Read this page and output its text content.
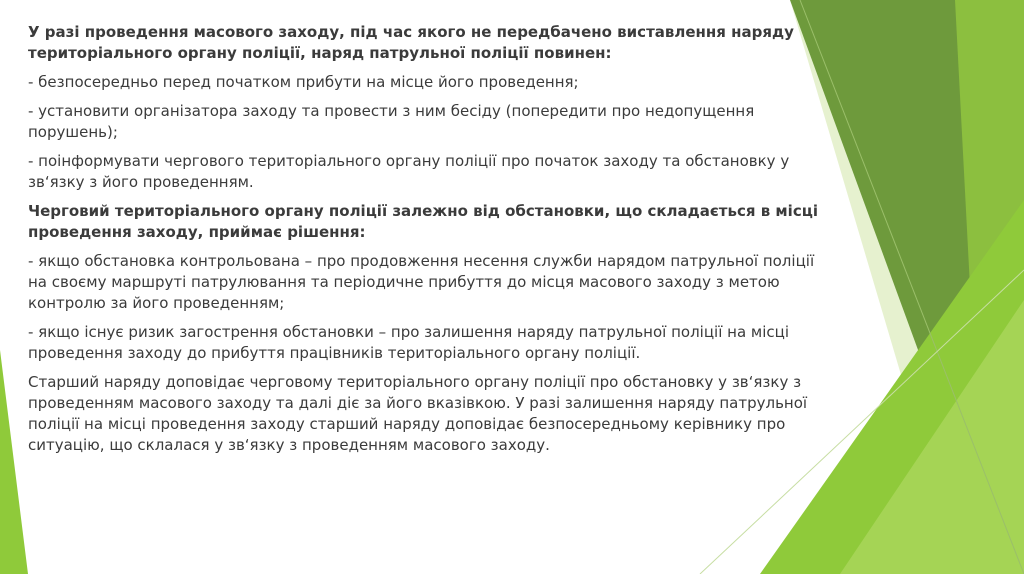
У разі проведення масового заходу, під час якого не передбачено виставлення наряду територіального органу поліції, наряд патрульної поліції повинен:

- безпосередньо перед початком прибути на місце його проведення;

- установити організатора заходу та провести з ним бесіду (попередити про недопущення порушень);

- поінформувати чергового територіального органу поліції про початок заходу та обстановку у зв‘язку з його проведенням.

Черговий територіального органу поліції залежно від обстановки, що складається в місці проведення заходу, приймає рішення:

- якщо обстановка контрольована – про продовження несення служби нарядом патрульної поліції на своєму маршруті патрулювання та періодичне прибуття до місця масового заходу з метою контролю за його проведенням;

- якщо існує ризик загострення обстановки – про залишення наряду патрульної поліції на місці проведення заходу до прибуття працівників територіального органу поліції.

Старший наряду доповідає черговому територіального органу поліції про обстановку у зв‘язку з проведенням масового заходу та далі діє за його вказівкою. У разі залишення наряду патрульної поліції на місці проведення заходу старший наряду доповідає безпосередньому керівнику про ситуацію, що склалася у зв‘язку з проведенням масового заходу.
